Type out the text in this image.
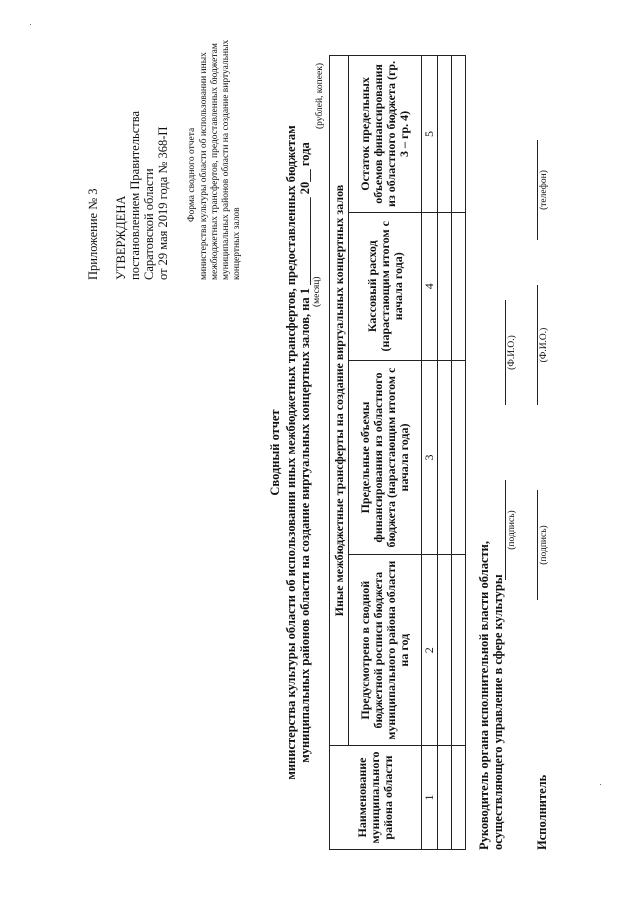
Приложение № 3 УТВЕРЖДЕНА постановлением Правительства Саратовской области от 29 мая 2019 года № 368-П Форма сводного отчета министерства культуры области об использовании иных межбюджетных трансфертов, предоставленных бюджетам муниципальных районов области на создание виртуальных концертных залов
Сводный отчет министерства культуры области об использовании иных межбюджетных трансфертов, предоставленных бюджетам муниципальных районов области на создание виртуальных концертных залов, на 1 ______________ 20__ года (месяц)
(рублей, копеек)
Наименование муниципального района области	Иные межбюджетные трансферты на создание виртуальных концертных залов			
	Предусмотрено в сводной бюджетной росписи бюджета муниципального района области на год	Предельные объемы финансирования из областного бюджета (нарастающим итогом с начала года)	Кассовый расход (нарастающим итогом с начала года)	Остаток предельных объемов финансирования из областного бюджета (гр. 3 – гр. 4)
1	2	3	4	5

Руководитель органа исполнительной власти области, осуществляющего управление в сфере культуры
(подпись)
(Ф.И.О.)
Исполнитель
(подпись)
(Ф.И.О.)
(телефон)
